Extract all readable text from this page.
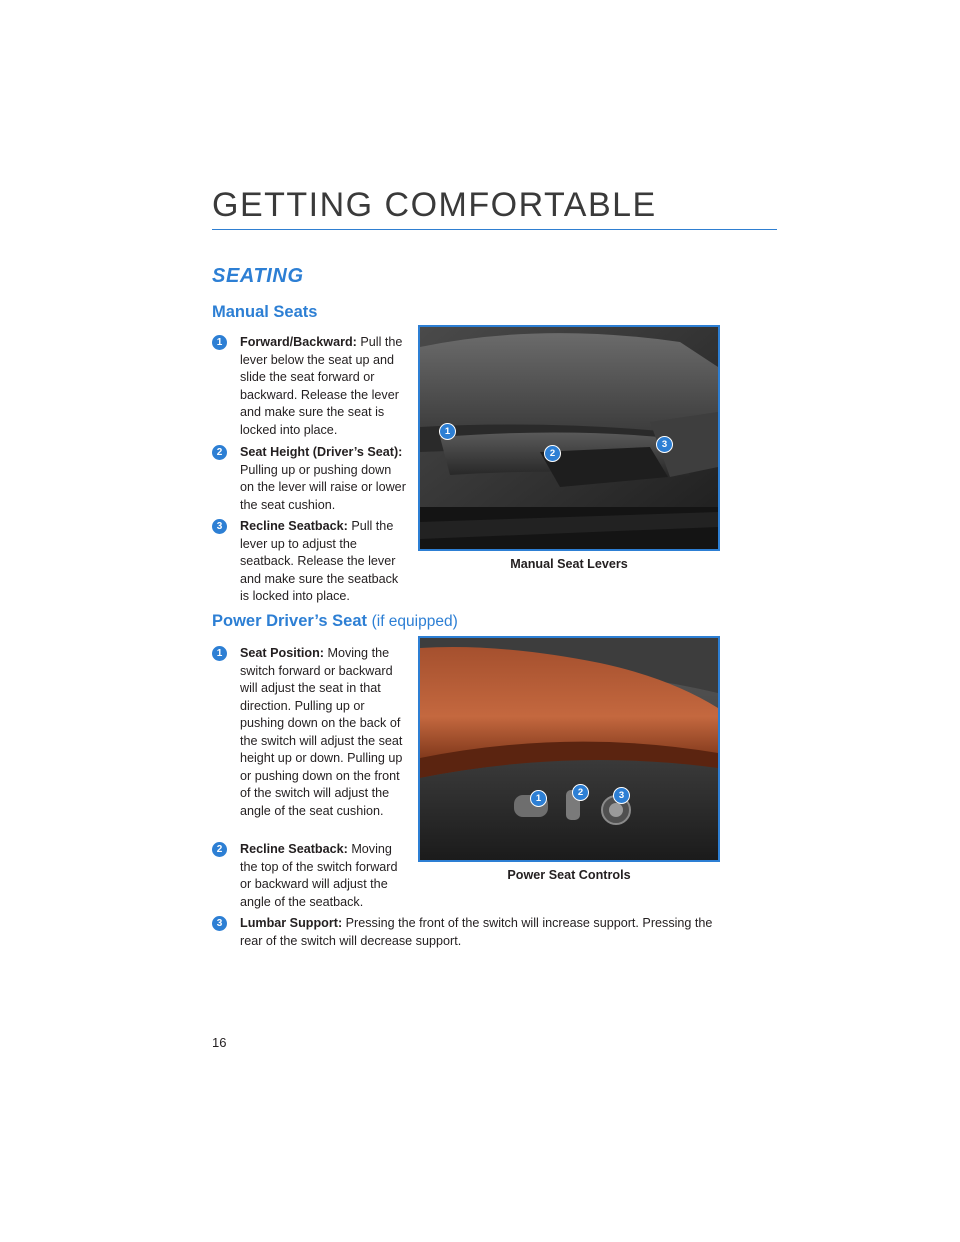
GETTING COMFORTABLE
SEATING
Manual Seats
1	Forward/Backward: Pull the lever below the seat up and slide the seat forward or backward. Release the lever and make sure the seat is locked into place.
2	Seat Height (Driver’s Seat): Pulling up or pushing down on the lever will raise or lower the seat cushion.
3	Recline Seatback: Pull the lever up to adjust the seatback. Release the lever and make sure the seatback is locked into place.
1
2
3
Manual Seat Levers
Power Driver’s Seat (if equipped)
1	Seat Position: Moving the switch forward or backward will adjust the seat in that direction. Pulling up or pushing down on the back of the switch will adjust the seat height up or down. Pulling up or pushing down on the front of the switch will adjust the angle of the seat cushion.
2	Recline Seatback: Moving the top of the switch forward or backward will adjust the angle of the seatback.
3	Lumbar Support: Pressing the front of the switch will increase support. Pressing the rear of the switch will decrease support.
1
2	3
Power Seat Controls
16
